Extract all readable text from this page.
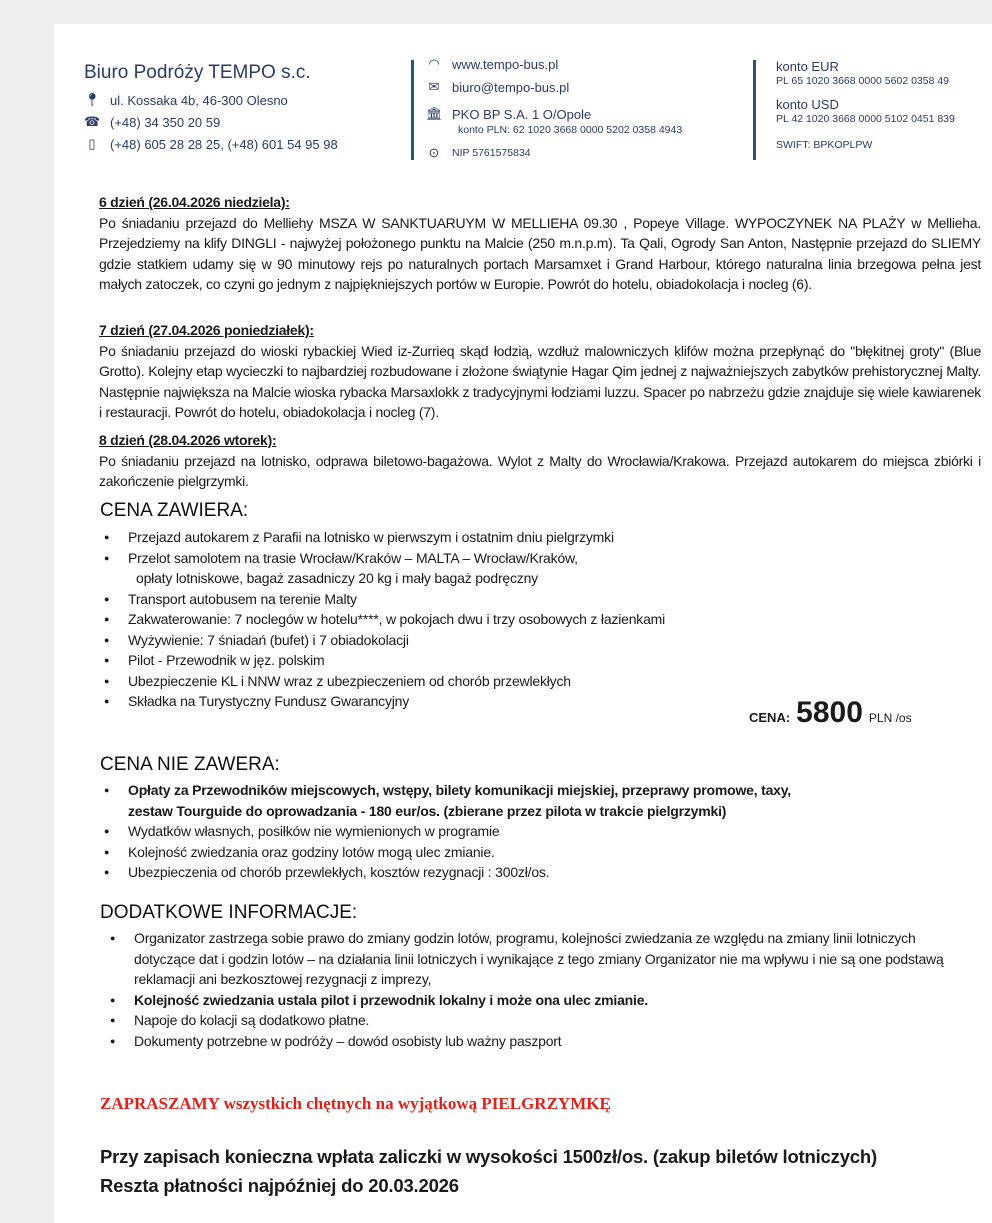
Biuro Podróży TEMPO s.c.
📍︎ ul. Kossaka 4b, 46-300 Olesno
☎ (+48) 34 350 20 59
▯	(+48) 605 28 28 25, (+48) 601 54 95 98
◠ www.tempo-bus.pl
✉ biuro@tempo-bus.pl
🏛︎ PKO BP S.A. 1 O/Opole
konto PLN: 62 1020 3668 0000 5202 0358 4943
⊙ NIP 5761575834
konto EUR
PL 65 1020 3668 0000 5602 0358 49
konto USD
PL 42 1020 3668 0000 5102 0451 839
SWIFT: BPKOPLPW
6 dzień (26.04.2026 niedziela):
Po śniadaniu przejazd do Melliehy MSZA W SANKTUARUYM W MELLIEHA 09.30 , Popeye Village. WYPOCZYNEK NA PLAŻY w Mellieha. Przejedziemy na klify DINGLI - najwyżej położonego punktu na Malcie (250 m.n.p.m). Ta Qali, Ogrody San Anton, Następnie przejazd do SLIEMY gdzie statkiem udamy się w 90 minutowy rejs po naturalnych portach Marsamxet i Grand Harbour, którego naturalna linia brzegowa pełna jest małych zatoczek, co czyni go jednym z najpiękniejszych portów w Europie. Powrót do hotelu, obiadokolacja i nocleg (6).
7 dzień (27.04.2026 poniedziałek):
Po śniadaniu przejazd do wioski rybackiej Wied iz-Zurrieq skąd łodzią, wzdłuż malowniczych klifów można przepłynąć do "błękitnej groty" (Blue Grotto). Kolejny etap wycieczki to najbardziej rozbudowane i złożone świątynie Hagar Qim jednej z najważniejszych zabytków prehistorycznej Malty. Następnie największa na Malcie wioska rybacka Marsaxlokk z tradycyjnymi łodziami luzzu. Spacer po nabrzeżu gdzie znajduje się wiele kawiarenek i restauracji. Powrót do hotelu, obiadokolacja i nocleg (7).
8 dzień (28.04.2026 wtorek):
Po śniadaniu przejazd na lotnisko, odprawa biletowo-bagażowa. Wylot z Malty do Wrocławia/Krakowa. Przejazd autokarem do miejsca zbiórki i zakończenie pielgrzymki.
CENA ZAWIERA:
● Przejazd autokarem z Parafii na lotnisko w pierwszym i ostatnim dniu pielgrzymki
● Przelot samolotem na trasie Wrocław/Kraków – MALTA – Wrocław/Kraków,
opłaty lotniskowe, bagaż zasadniczy 20 kg i mały bagaż podręczny
● Transport autobusem na terenie Malty
● Zakwaterowanie: 7 noclegów w hotelu****, w pokojach dwu i trzy osobowych z łazienkami
● Wyżywienie: 7 śniadań (bufet) i 7 obiadokolacji
● Pilot - Przewodnik w jęz. polskim
● Ubezpieczenie KL i NNW wraz z ubezpieczeniem od chorób przewlekłych
● Składka na Turystyczny Fundusz Gwarancyjny
CENA: 5800 PLN /os
CENA NIE ZAWERA:
● Opłaty za Przewodników miejscowych, wstępy, bilety komunikacji miejskiej, przeprawy promowe, taxy,
zestaw Tourguide do oprowadzania - 180 eur/os. (zbierane przez pilota w trakcie pielgrzymki)
● Wydatków własnych, posiłków nie wymienionych w programie
● Kolejność zwiedzania oraz godziny lotów mogą ulec zmianie.
● Ubezpieczenia od chorób przewlekłych, kosztów rezygnacji : 300zł/os.
DODATKOWE INFORMACJE:
● Organizator zastrzega sobie prawo do zmiany godzin lotów, programu, kolejności zwiedzania ze względu na zmiany linii lotniczych dotyczące dat i godzin lotów – na działania linii lotniczych i wynikające z tego zmiany Organizator nie ma wpływu i nie są one podstawą reklamacji ani bezkosztowej rezygnacji z imprezy,
● Kolejność zwiedzania ustala pilot i przewodnik lokalny i może ona ulec zmianie.
● Napoje do kolacji są dodatkowo płatne.
● Dokumenty potrzebne w podróży – dowód osobisty lub ważny paszport
ZAPRASZAMY wszystkich chętnych na wyjątkową PIELGRZYMKĘ
Przy zapisach konieczna wpłata zaliczki w wysokości 1500zł/os. (zakup biletów lotniczych)
Reszta płatności najpóźniej do 20.03.2026
